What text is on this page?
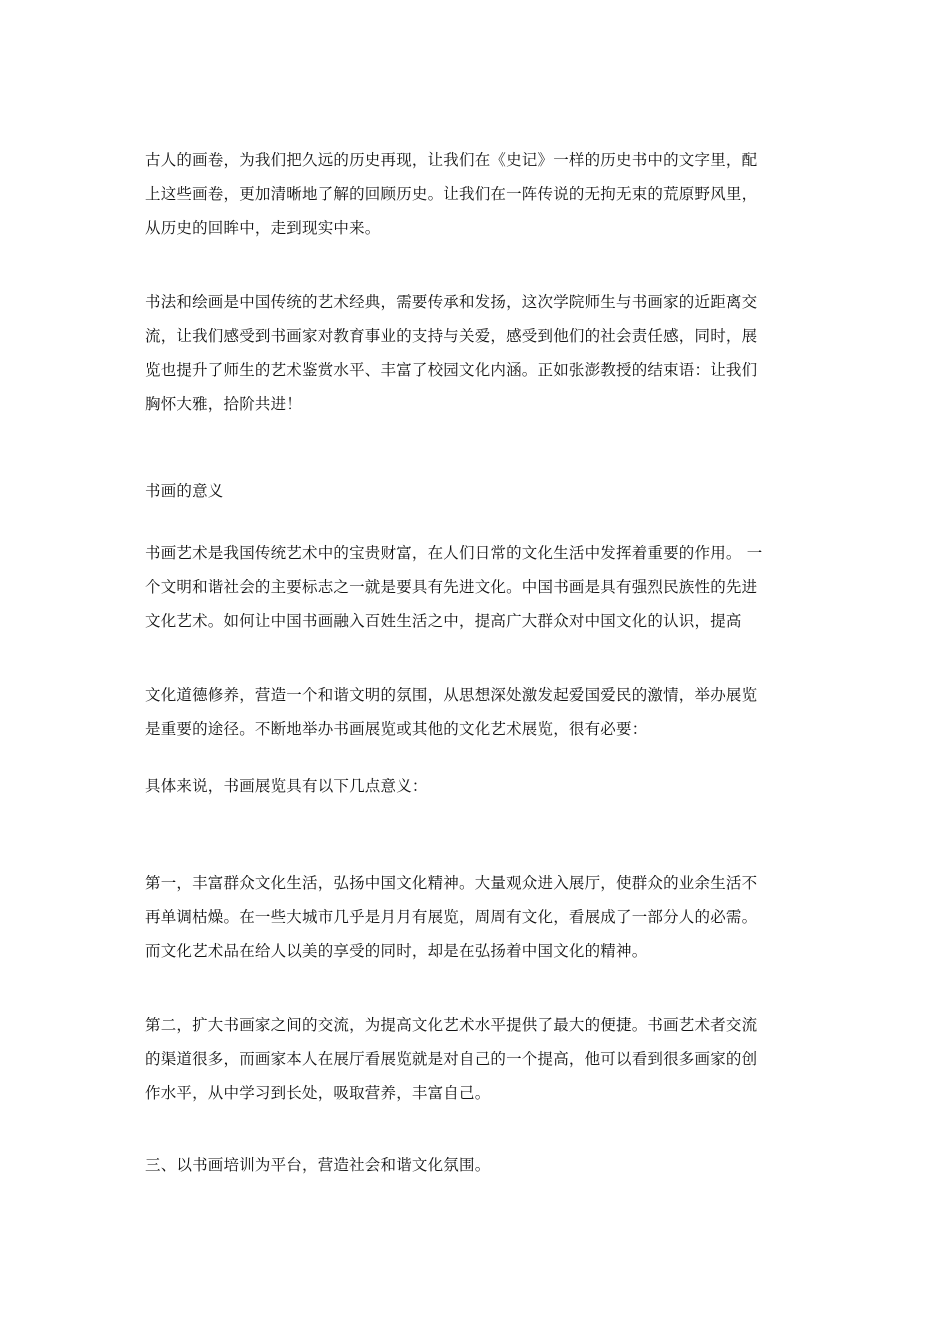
古人的画卷，为我们把久远的历史再现，让我们在《史记》一样的历史书中的文字里，配
上这些画卷，更加清晰地了解的回顾历史。让我们在一阵传说的无拘无束的荒原野风里，
从历史的回眸中，走到现实中来。

书法和绘画是中国传统的艺术经典，需要传承和发扬，这次学院师生与书画家的近距离交
流，让我们感受到书画家对教育事业的支持与关爱，感受到他们的社会责任感，同时，展
览也提升了师生的艺术鉴赏水平、丰富了校园文化内涵。正如张澎教授的结束语：让我们
胸怀大雅，拾阶共进！

书画的意义

书画艺术是我国传统艺术中的宝贵财富，在人们日常的文化生活中发挥着重要的作用。 一
个文明和谐社会的主要标志之一就是要具有先进文化。中国书画是具有强烈民族性的先进
文化艺术。如何让中国书画融入百姓生活之中，提高广大群众对中国文化的认识，提高

文化道德修养，营造一个和谐文明的氛围，从思想深处激发起爱国爱民的激情，举办展览
是重要的途径。不断地举办书画展览或其他的文化艺术展览，很有必要：

具体来说，书画展览具有以下几点意义：

第一，丰富群众文化生活，弘扬中国文化精神。大量观众进入展厅，使群众的业余生活不
再单调枯燥。在一些大城市几乎是月月有展览，周周有文化，看展成了一部分人的必需。
而文化艺术品在给人以美的享受的同时，却是在弘扬着中国文化的精神。

第二，扩大书画家之间的交流，为提高文化艺术水平提供了最大的便捷。书画艺术者交流
的渠道很多，而画家本人在展厅看展览就是对自己的一个提高，他可以看到很多画家的创
作水平，从中学习到长处，吸取营养，丰富自己。

三、以书画培训为平台，营造社会和谐文化氛围。
